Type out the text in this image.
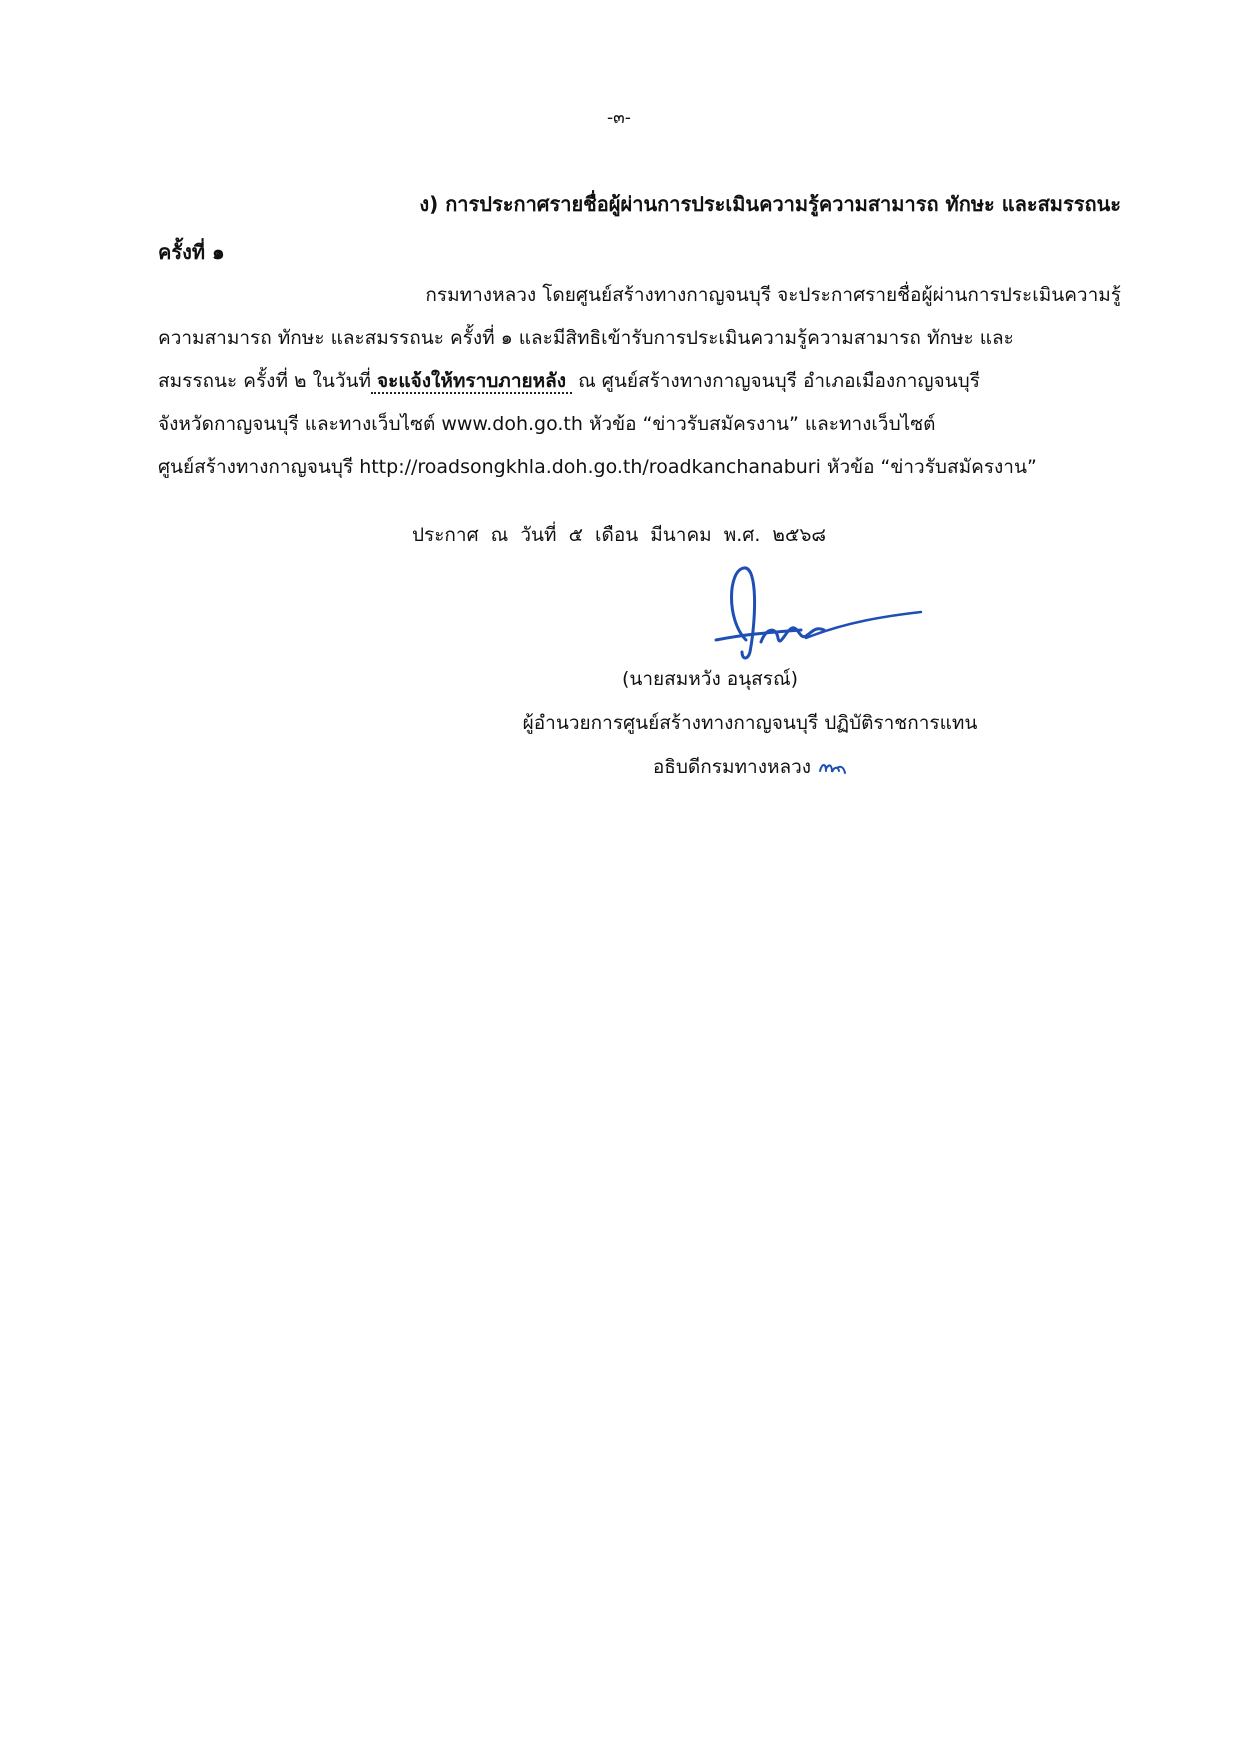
-๓-
ง) การประกาศรายชื่อผู้ผ่านการประเมินความรู้ความสามารถ ทักษะ และสมรรถนะ
ครั้งที่ ๑
กรมทางหลวง โดยศูนย์สร้างทางกาญจนบุรี จะประกาศรายชื่อผู้ผ่านการประเมินความรู้
ความสามารถ ทักษะ และสมรรถนะ ครั้งที่ ๑ และมีสิทธิเข้ารับการประเมินความรู้ความสามารถ ทักษะ และ
สมรรถนะ ครั้งที่ ๒ ในวันที่ จะแจ้งให้ทราบภายหลัง ณ ศูนย์สร้างทางกาญจนบุรี อำเภอเมืองกาญจนบุรี
จังหวัดกาญจนบุรี และทางเว็บไซต์ www.doh.go.th หัวข้อ “ข่าวรับสมัครงาน” และทางเว็บไซต์
ศูนย์สร้างทางกาญจนบุรี http://roadsongkhla.doh.go.th/roadkanchanaburi หัวข้อ “ข่าวรับสมัครงาน”
ประกาศ ณ วันที่ ๕ เดือน มีนาคม พ.ศ. ๒๕๖๘
(นายสมหวัง อนุสรณ์)
ผู้อำนวยการศูนย์สร้างทางกาญจนบุรี ปฏิบัติราชการแทน
อธิบดีกรมทางหลวง
